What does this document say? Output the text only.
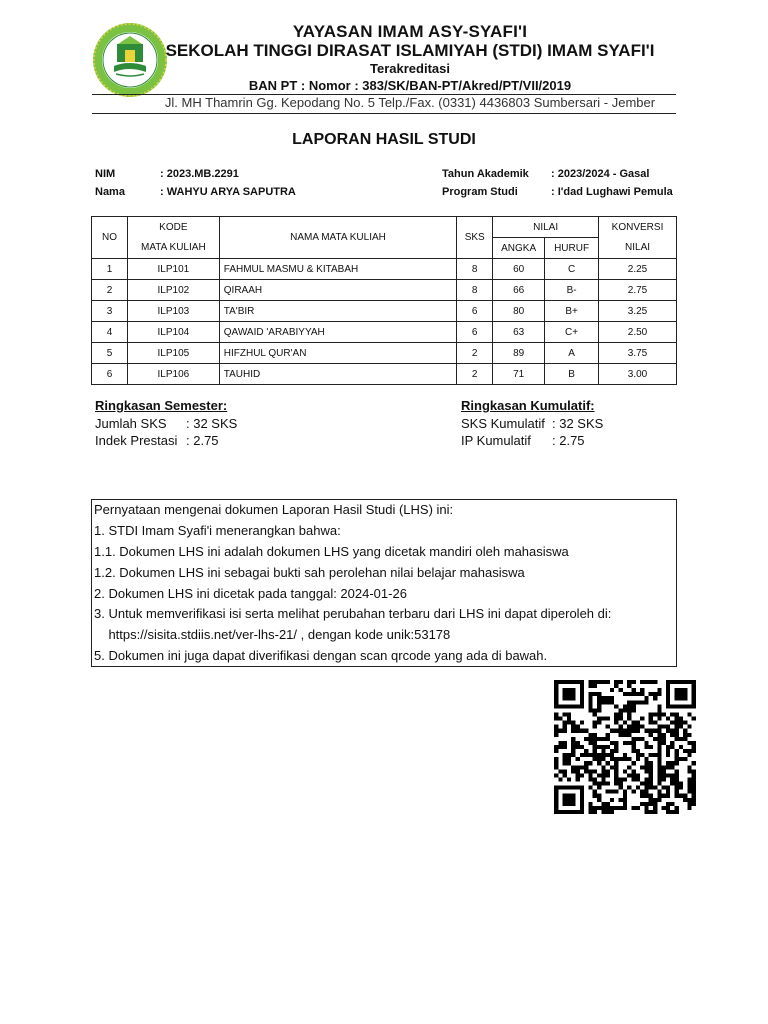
YAYASAN IMAM ASY-SYAFI'I
SEKOLAH TINGGI DIRASAT ISLAMIYAH (STDI) IMAM SYAFI'I
Terakreditasi
BAN PT : Nomor : 383/SK/BAN-PT/Akred/PT/VII/2019
Jl. MH Thamrin Gg. Kepodang No. 5 Telp./Fax. (0331) 4436803 Sumbersari - Jember
LAPORAN HASIL STUDI
NIM	: 2023.MB.2291
Nama	: WAHYU ARYA SAPUTRA
Tahun Akademik : 2023/2024 - Gasal
Program Studi	: I'dad Lughawi Pemula
NO	KODE	NAMA MATA KULIAH	SKS	NILAI		KONVERSI
	MATA KULIAH			ANGKA	HURUF	NILAI
1	ILP101	FAHMUL MASMU & KITABAH	8	60	C	2.25
2	ILP102	QIRAAH	8	66	B-	2.75
3	ILP103	TA'BIR	6	80	B+	3.25
4	ILP104	QAWAID 'ARABIYYAH	6	63	C+	2.50
5	ILP105	HIFZHUL QUR'AN	2	89	A	3.75
6	ILP106	TAUHID	2	71	B	3.00
Ringkasan Semester:
Jumlah SKS : 32 SKS
Indek Prestasi : 2.75
Ringkasan Kumulatif:
SKS Kumulatif : 32 SKS
IP Kumulatif : 2.75
Pernyataan mengenai dokumen Laporan Hasil Studi (LHS) ini:
1. STDI Imam Syafi'i menerangkan bahwa:
1.1. Dokumen LHS ini adalah dokumen LHS yang dicetak mandiri oleh mahasiswa
1.2. Dokumen LHS ini sebagai bukti sah perolehan nilai belajar mahasiswa
2. Dokumen LHS ini dicetak pada tanggal: 2024-01-26
3. Untuk memverifikasi isi serta melihat perubahan terbaru dari LHS ini dapat diperoleh di:
https://sisita.stdiis.net/ver-lhs-21/ , dengan kode unik:53178
5. Dokumen ini juga dapat diverifikasi dengan scan qrcode yang ada di bawah.
